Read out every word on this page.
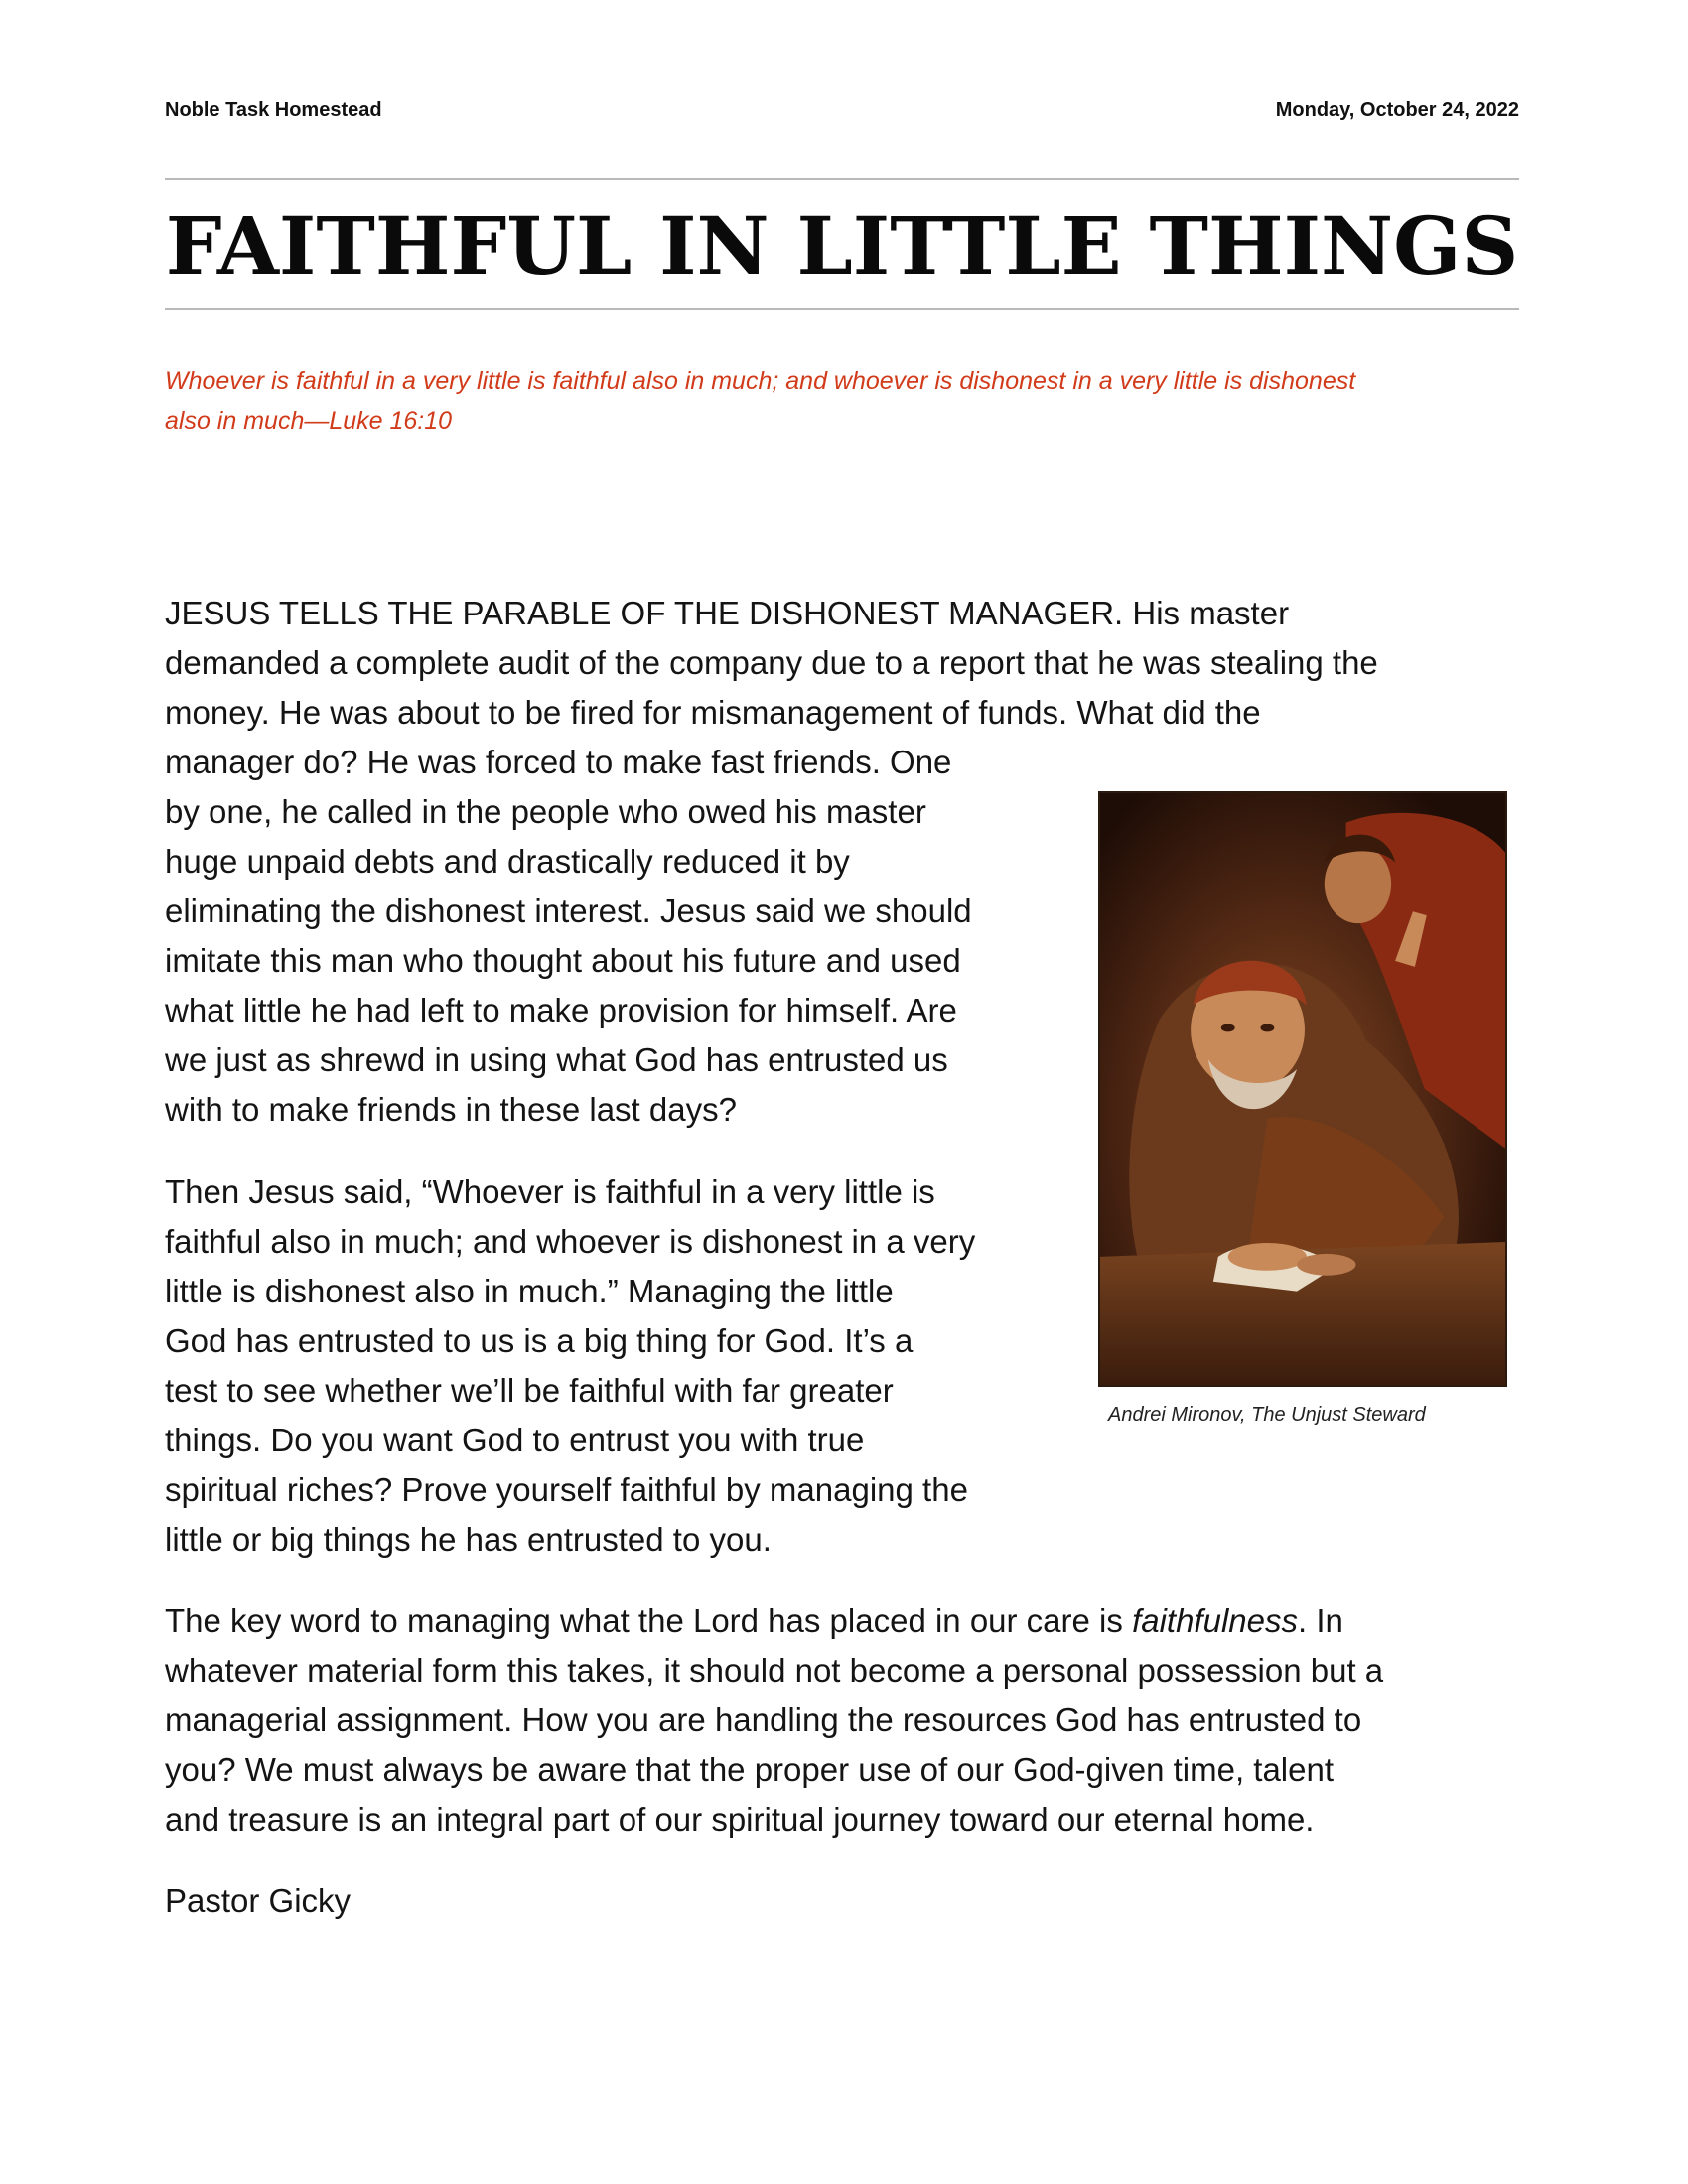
Noble Task Homestead	Monday, October 24, 2022
FAITHFUL IN LITTLE THINGS
Whoever is faithful in a very little is faithful also in much; and whoever is dishonest in a very little is dishonest
also in much—Luke 16:10
JESUS TELLS THE PARABLE OF THE DISHONEST MANAGER. His master
demanded a complete audit of the company due to a report that he was stealing the
money. He was about to be fired for mismanagement of funds. What did the
manager do? He was forced to make fast friends. One
by one, he called in the people who owed his master
huge unpaid debts and drastically reduced it by
eliminating the dishonest interest. Jesus said we should
imitate this man who thought about his future and used
what little he had left to make provision for himself. Are
we just as shrewd in using what God has entrusted us
with to make friends in these last days?
Andrei Mironov, The Unjust Steward
Then Jesus said, “Whoever is faithful in a very little is
faithful also in much; and whoever is dishonest in a very
little is dishonest also in much.” Managing the little
God has entrusted to us is a big thing for God. It’s a
test to see whether we’ll be faithful with far greater
things. Do you want God to entrust you with true
spiritual riches? Prove yourself faithful by managing the
little or big things he has entrusted to you.
The key word to managing what the Lord has placed in our care is faithfulness. In
whatever material form this takes, it should not become a personal possession but a
managerial assignment. How you are handling the resources God has entrusted to
you? We must always be aware that the proper use of our God-given time, talent
and treasure is an integral part of our spiritual journey toward our eternal home.
Pastor Gicky
